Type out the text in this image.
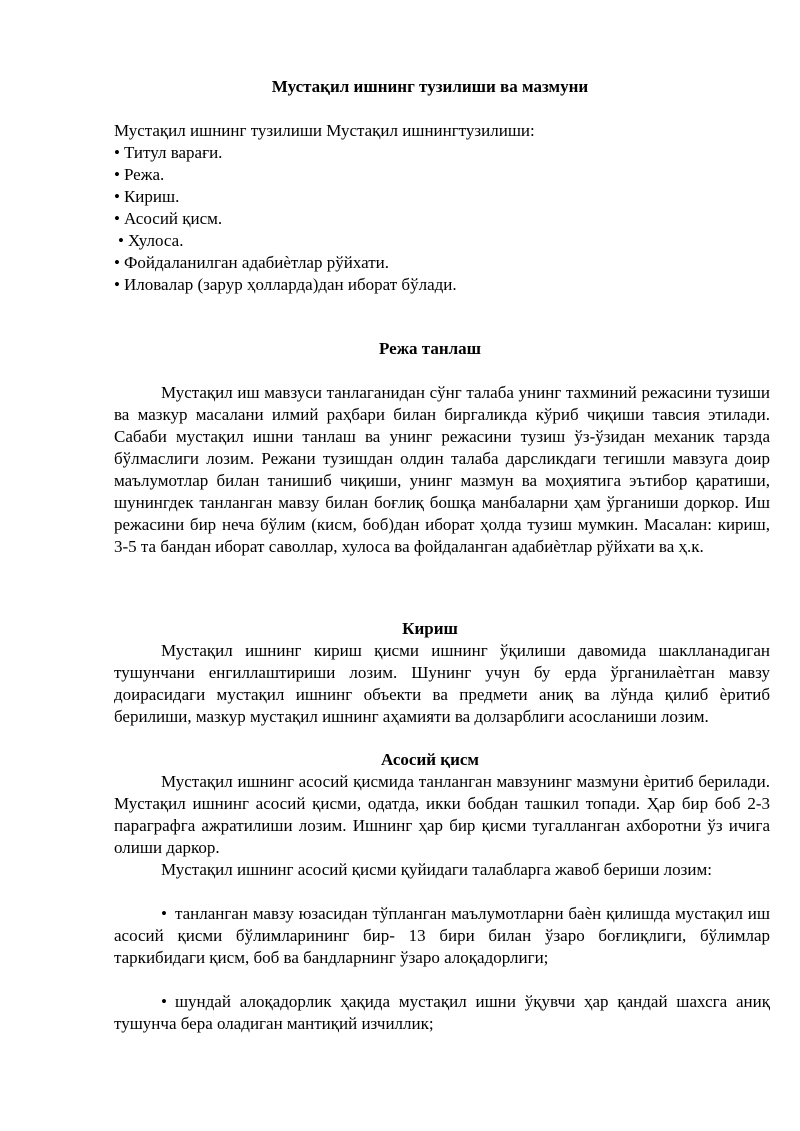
Мустақил ишнинг тузилиши ва мазмуни
Мустақил ишнинг тузилиши Мустақил ишнингтузилиши:
• Титул варағи.
• Режа.
• Кириш.
• Асосий қисм.
• Хулоса.
• Фойдаланилган адабиѐтлар рўйхати.
• Иловалар (зарур ҳолларда)дан иборат бўлади.
Режа танлаш

Мустақил иш мавзуси танлаганидан сўнг талаба унинг тахминий режасини тузиши ва мазкур масалани илмий раҳбари билан биргаликда кўриб чиқиши тавсия этилади. Сабаби мустақил ишни танлаш ва унинг режасини тузиш ўз-ўзидан механик тарзда бўлмаслиги лозим. Режани тузишдан олдин талаба дарсликдаги тегишли мавзуга доир маълумотлар билан танишиб чиқиши, унинг мазмун ва моҳиятига эътибор қаратиши, шунингдек танланган мавзу билан боғлиқ бошқа манбаларни ҳам ўрганиши доркор. Иш режасини бир неча бўлим (кисм, боб)дан иборат ҳолда тузиш мумкин. Масалан: кириш, 3-5 та бандан иборат саволлар, хулоса ва фойдаланган адабиѐтлар рўйхати ва ҳ.к.

Кириш

Мустақил ишнинг кириш қисми ишнинг ўқилиши давомида шаклланадиган тушунчани енгиллаштириши лозим. Шунинг учун бу ерда ўрганилаѐтган мавзу доирасидаги мустақил ишнинг объекти ва предмети аниқ ва лўнда қилиб ѐритиб берилиши, мазкур мустақил ишнинг аҳамияти ва долзарблиги асосланиши лозим.

Асосий қисм

Мустақил ишнинг асосий қисмида танланган мавзунинг мазмуни ѐритиб берилади. Мустақил ишнинг асосий қисми, одатда, икки бобдан ташкил топади. Ҳар бир боб 2-3 параграфга ажратилиши лозим. Ишнинг ҳар бир қисми тугалланган ахборотни ўз ичига олиши даркор.

Мустақил ишнинг асосий қисми қуйидаги талабларга жавоб бериши лозим:

• танланган мавзу юзасидан тўпланган маълумотларни баѐн қилишда мустақил иш асосий қисми бўлимларининг бир- 13 бири билан ўзаро боғлиқлиги, бўлимлар таркибидаги қисм, боб ва бандларнинг ўзаро алоқадорлиги;

• шундай алоқадорлик ҳақида мустақил ишни ўқувчи ҳар қандай шахсга аниқ тушунча бера оладиган мантиқий изчиллик;
